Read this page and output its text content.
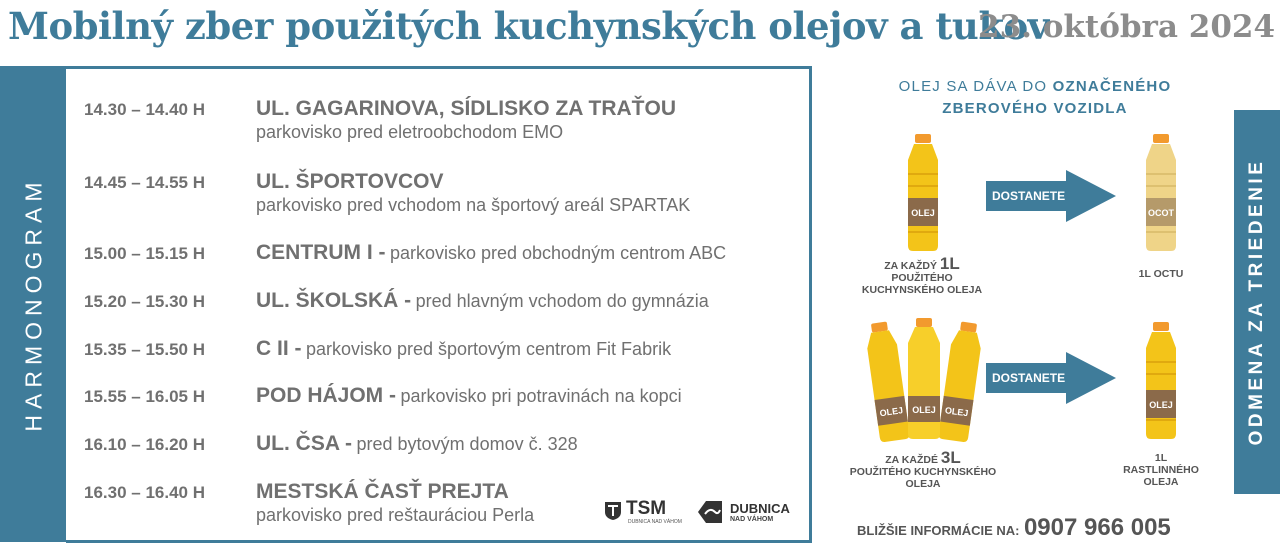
Mobilný zber použitých kuchynských olejov a tukov
23. októbra 2024
HARMONOGRAM
14.30 – 14.40 H	UL. GAGARINOVA, SÍDLISKO ZA TRAŤOU
parkovisko pred eletroobchodom EMO
14.45 – 14.55 H	UL. ŠPORTOVCOV
parkovisko pred vchodom na športový areál SPARTAK
15.00 – 15.15 H	CENTRUM I - parkovisko pred obchodným centrom ABC
15.20 – 15.30 H	UL. ŠKOLSKÁ - pred hlavným vchodom do gymnázia
15.35 – 15.50 H	C II - parkovisko pred športovým centrom Fit Fabrik
15.55 – 16.05 H	POD HÁJOM - parkovisko pri potravinách na kopci
16.10 – 16.20 H	UL. ČSA - pred bytovým domov č. 328
16.30 – 16.40 H	MESTSKÁ ČASŤ PREJTA
parkovisko pred reštauráciou Perla	TSM
DUBNICA NAD VÁHOM
DUBNICA
NAD VÁHOM
OLEJ SA DÁVA DO OZNAČENÉHO
ZBEROVÉHO VOZIDLA
OLEJ
ZA KAŽDÝ 1L
POUŽITÉHO KUCHYNSKÉHO OLEJA
DOSTANETE
OCOT
1L OCTU
OLEJ	OLEJ
OLEJ
ZA KAŽDÉ 3L
POUŽITÉHO KUCHYNSKÉHO OLEJA
DOSTANETE
OLEJ
1L
RASTLINNÉHO OLEJA
ODMENA ZA TRIEDENIE
BLIŽŠIE INFORMÁCIE NA: 0907 966 005
